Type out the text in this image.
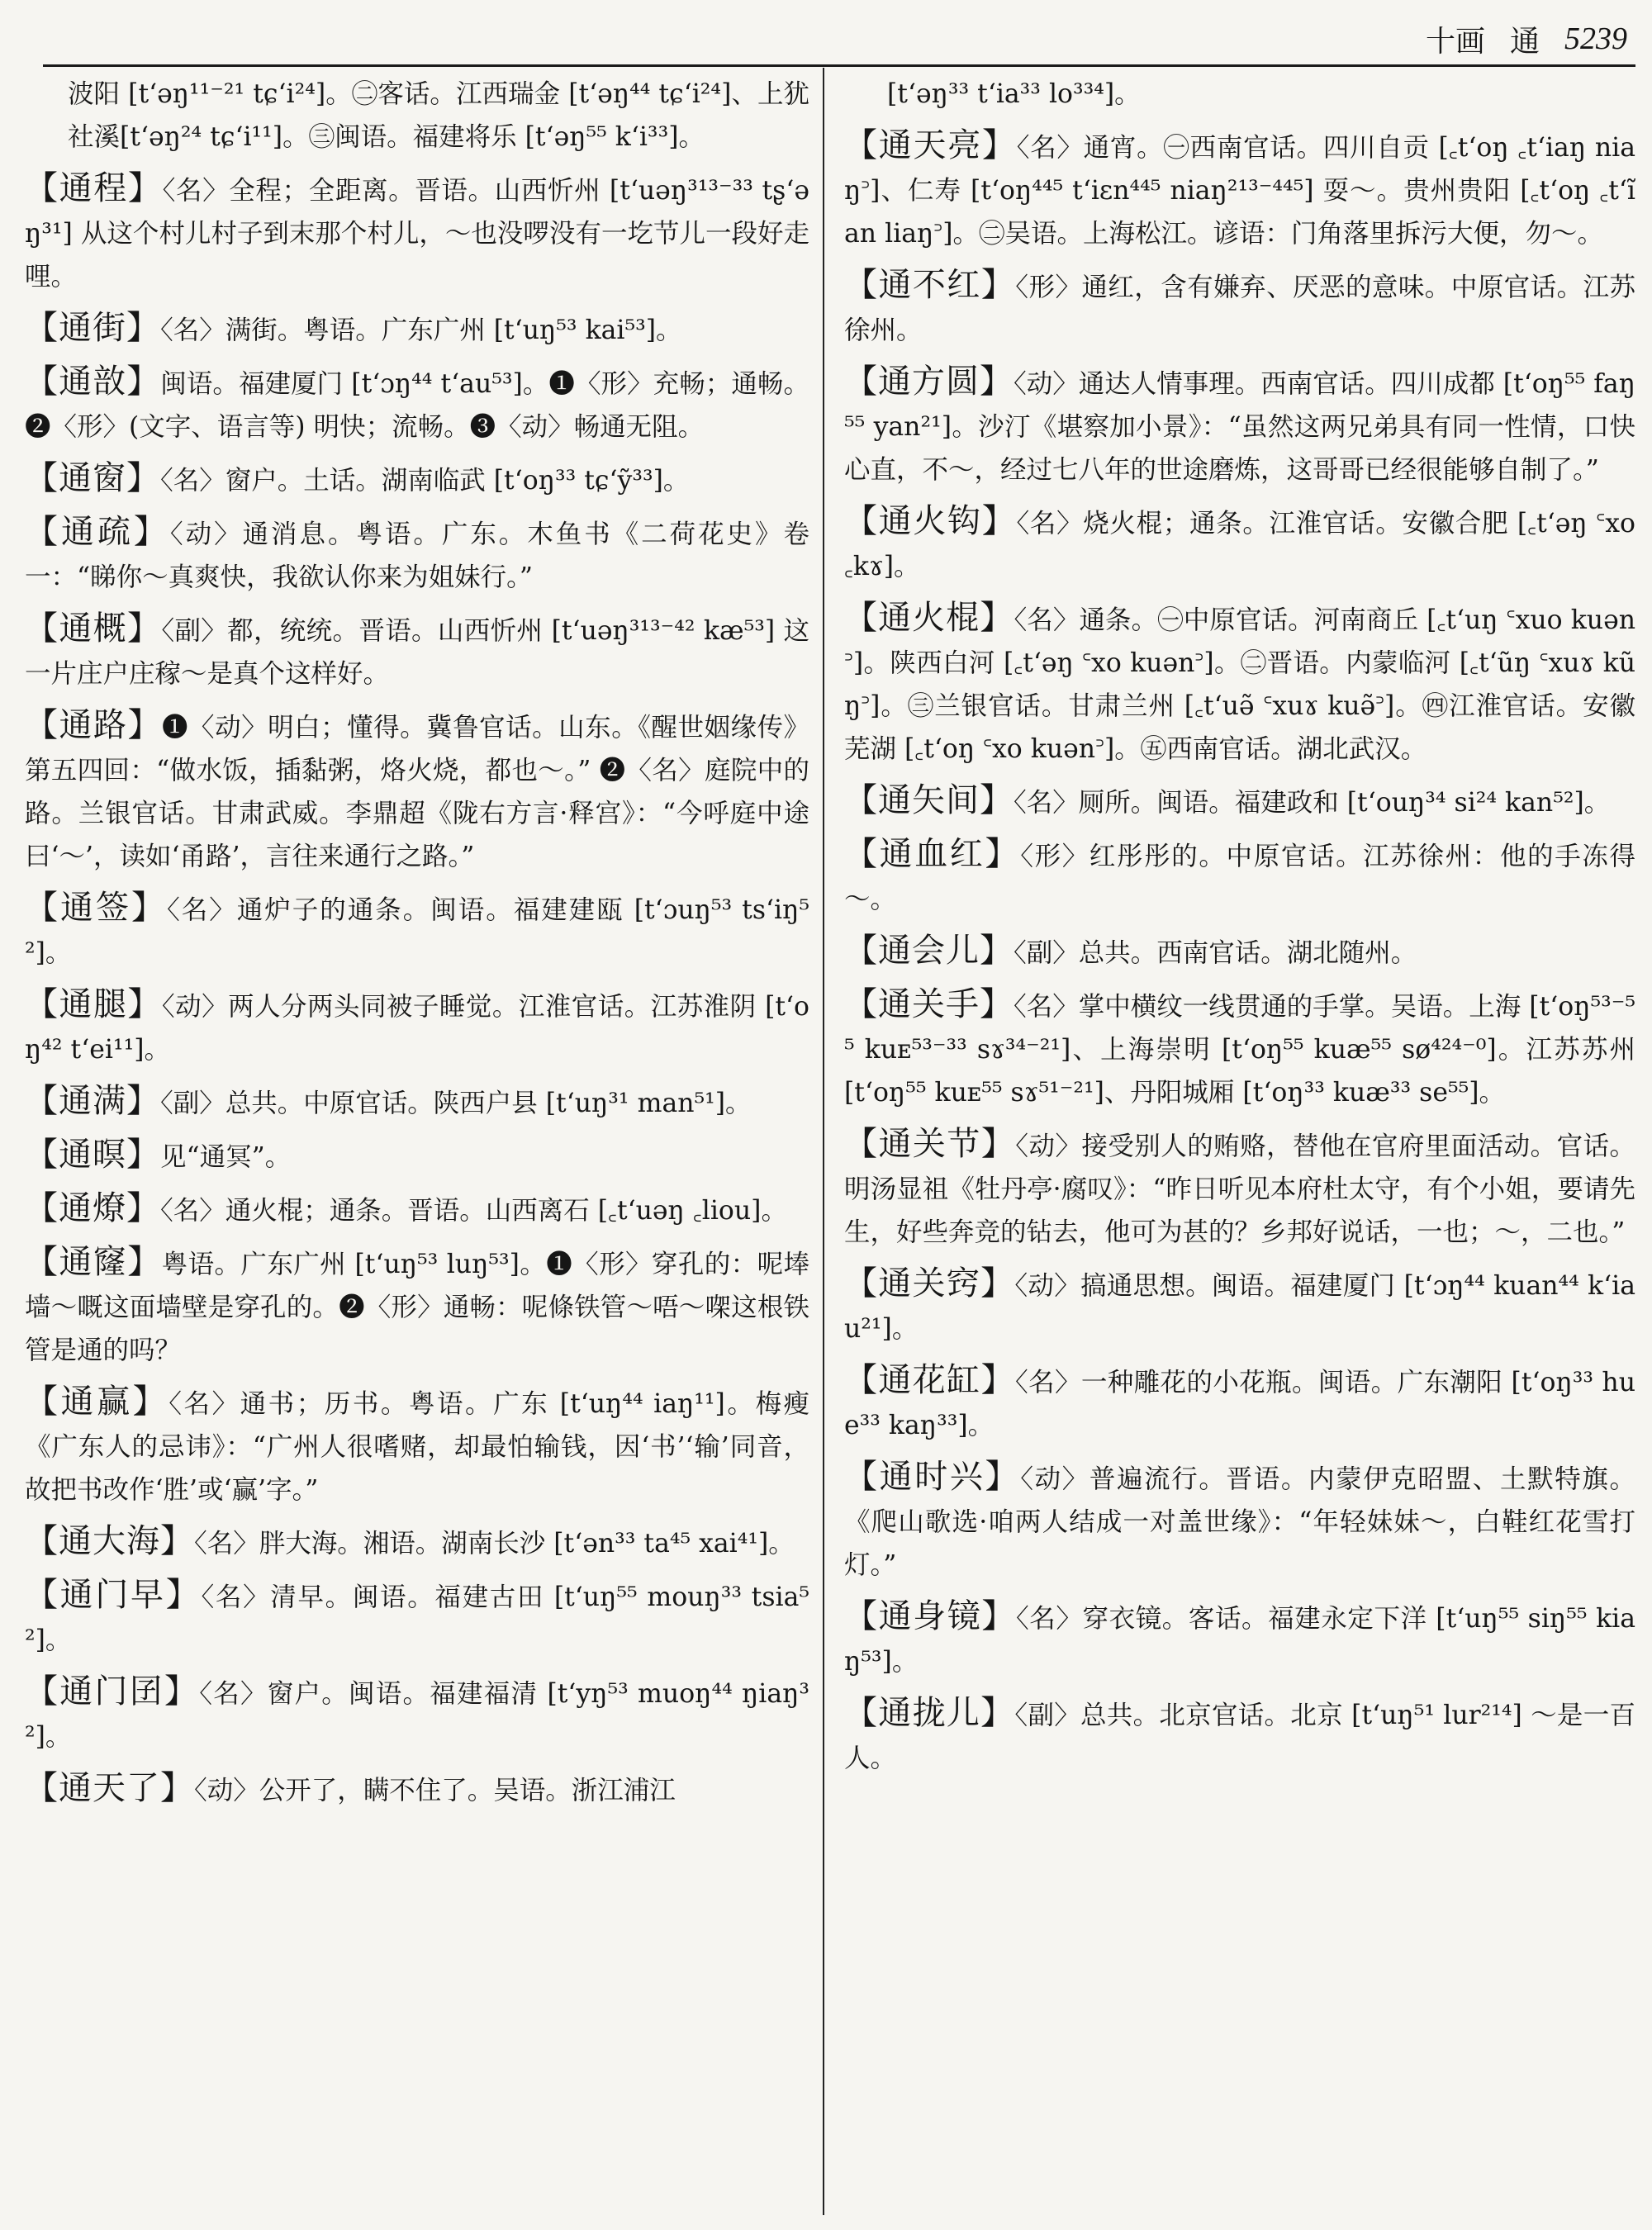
十画 通 5239
波阳 [tʻəŋ¹¹⁻²¹ tɕʻi²⁴]。㊁客话。江西瑞金 [tʻəŋ⁴⁴ tɕʻi²⁴]、上犹社溪[tʻəŋ²⁴ tɕʻi¹¹]。㊂闽语。福建将乐 [tʻəŋ⁵⁵ kʻi³³]。
【通程】〈名〉全程；全距离。晋语。山西忻州 [tʻuəŋ³¹³⁻³³ tʂʻəŋ³¹] 从这个村儿村子到末那个村儿，～也没啰没有一圪节儿一段好走哩。
【通街】〈名〉满街。粤语。广东广州 [tʻuŋ⁵³ kai⁵³]。
【通敨】闽语。福建厦门 [tʻɔŋ⁴⁴ tʻau⁵³]。❶〈形〉充畅；通畅。❷〈形〉(文字、语言等) 明快；流畅。❸〈动〉畅通无阻。
【通窗】〈名〉窗户。土话。湖南临武 [tʻoŋ³³ tɕʻỹ³³]。
【通疏】〈动〉通消息。粤语。广东。木鱼书《二荷花史》卷一：“睇你～真爽快，我欲认你来为姐妹行。”
【通概】〈副〉都，统统。晋语。山西忻州 [tʻuəŋ³¹³⁻⁴² kæ⁵³] 这一片庄户庄稼～是真个这样好。
【通路】❶〈动〉明白；懂得。冀鲁官话。山东。《醒世姻缘传》第五四回：“做水饭，插黏粥，烙火烧，都也～。” ❷〈名〉庭院中的路。兰银官话。甘肃武威。李鼎超《陇右方言·释宫》：“今呼庭中途曰‘～’，读如‘甬路’，言往来通行之路。”
【通签】〈名〉通炉子的通条。闽语。福建建瓯 [tʻɔuŋ⁵³ tsʻiŋ⁵²]。
【通腿】〈动〉两人分两头同被子睡觉。江淮官话。江苏淮阴 [tʻoŋ⁴² tʻei¹¹]。
【通满】〈副〉总共。中原官话。陕西户县 [tʻuŋ³¹ man⁵¹]。
【通暝】见“通冥”。
【通燎】〈名〉通火棍；通条。晋语。山西离石 [꜀tʻuəŋ ꜀liou]。
【通窿】粤语。广东广州 [tʻuŋ⁵³ luŋ⁵³]。❶〈形〉穿孔的：呢埲墙～嘅这面墙壁是穿孔的。❷〈形〉通畅：呢條铁管～唔～㗎这根铁管是通的吗？
【通赢】〈名〉通书；历书。粤语。广东 [tʻuŋ⁴⁴ iaŋ¹¹]。梅瘦《广东人的忌讳》：“广州人很嗜赌，却最怕输钱，因‘书’‘输’同音，故把书改作‘胜’或‘赢’字。”
【通大海】〈名〉胖大海。湘语。湖南长沙 [tʻən³³ ta⁴⁵ xai⁴¹]。
【通门早】〈名〉清早。闽语。福建古田 [tʻuŋ⁵⁵ mouŋ³³ tsia⁵²]。
【通门囝】〈名〉窗户。闽语。福建福清 [tʻyŋ⁵³ muoŋ⁴⁴ ŋiaŋ³²]。
【通天了】〈动〉公开了，瞒不住了。吴语。浙江浦江
[tʻəŋ³³ tʻia³³ lo³³⁴]。
【通天亮】〈名〉通宵。㊀西南官话。四川自贡 [꜀tʻoŋ ꜀tʻiaŋ niaŋ꜄]、仁寿 [tʻoŋ⁴⁴⁵ tʻiɛn⁴⁴⁵ niaŋ²¹³⁻⁴⁴⁵] 耍～。贵州贵阳 [꜀tʻoŋ ꜀tʻĩan liaŋ꜄]。㊁吴语。上海松江。谚语：门角落里拆污大便，勿～。
【通不红】〈形〉通红，含有嫌弃、厌恶的意味。中原官话。江苏徐州。
【通方圆】〈动〉通达人情事理。西南官话。四川成都 [tʻoŋ⁵⁵ faŋ⁵⁵ yan²¹]。沙汀《堪察加小景》：“虽然这两兄弟具有同一性情，口快心直，不～，经过七八年的世途磨炼，这哥哥已经很能够自制了。”
【通火钩】〈名〉烧火棍；通条。江淮官话。安徽合肥 [꜀tʻəŋ ꜂xo ꜀kɤ]。
【通火棍】〈名〉通条。㊀中原官话。河南商丘 [꜀tʻuŋ ꜂xuo kuən꜄]。陕西白河 [꜀tʻəŋ ꜂xo kuən꜄]。㊁晋语。内蒙临河 [꜀tʻũŋ ꜂xuɤ kũŋ꜄]。㊂兰银官话。甘肃兰州 [꜀tʻuə̃ ꜂xuɤ kuə̃꜄]。㊃江淮官话。安徽芜湖 [꜀tʻoŋ ꜂xo kuən꜄]。㊄西南官话。湖北武汉。
【通矢间】〈名〉厕所。闽语。福建政和 [tʻouŋ³⁴ si²⁴ kan⁵²]。
【通血红】〈形〉红彤彤的。中原官话。江苏徐州：他的手冻得～。
【通会儿】〈副〉总共。西南官话。湖北随州。
【通关手】〈名〉掌中横纹一线贯通的手掌。吴语。上海 [tʻoŋ⁵³⁻⁵⁵ kuᴇ⁵³⁻³³ sɤ³⁴⁻²¹]、上海崇明 [tʻoŋ⁵⁵ kuæ⁵⁵ sø⁴²⁴⁻⁰]。江苏苏州 [tʻoŋ⁵⁵ kuᴇ⁵⁵ sɤ⁵¹⁻²¹]、丹阳城厢 [tʻoŋ³³ kuæ³³ se⁵⁵]。
【通关节】〈动〉接受别人的贿赂，替他在官府里面活动。官话。明汤显祖《牡丹亭·腐叹》：“昨日听见本府杜太守，有个小姐，要请先生，好些奔竞的钻去，他可为甚的？乡邦好说话，一也；～，二也。”
【通关窍】〈动〉搞通思想。闽语。福建厦门 [tʻɔŋ⁴⁴ kuan⁴⁴ kʻiau²¹]。
【通花缸】〈名〉一种雕花的小花瓶。闽语。广东潮阳 [tʻoŋ³³ hue³³ kaŋ³³]。
【通时兴】〈动〉普遍流行。晋语。内蒙伊克昭盟、土默特旗。《爬山歌选·咱两人结成一对盖世缘》：“年轻妹妹～，白鞋红花雪打灯。”
【通身镜】〈名〉穿衣镜。客话。福建永定下洋 [tʻuŋ⁵⁵ siŋ⁵⁵ kiaŋ⁵³]。
【通拢儿】〈副〉总共。北京官话。北京 [tʻuŋ⁵¹ lur²¹⁴] ～是一百人。
